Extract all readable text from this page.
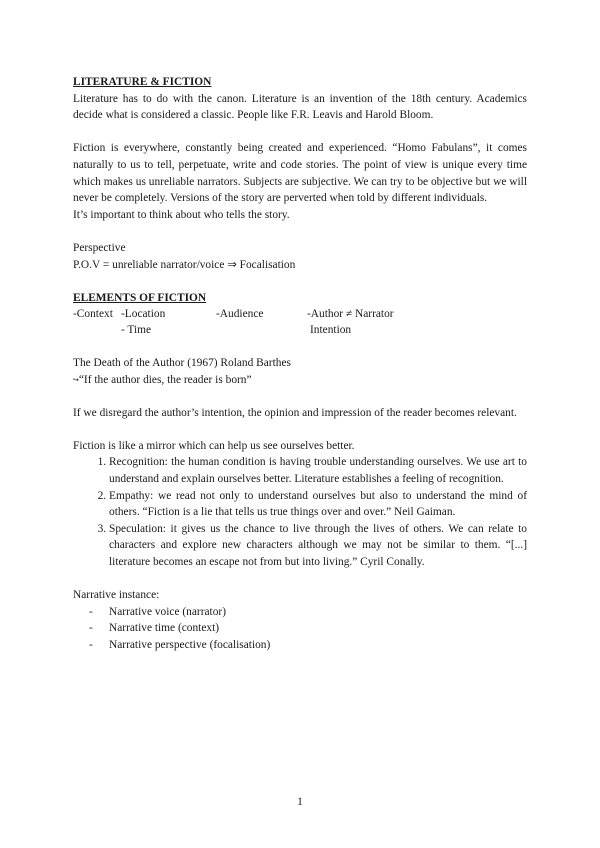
LITERATURE & FICTION

Literature has to do with the canon. Literature is an invention of the 18th century. Academics decide what is considered a classic. People like F.R. Leavis and Harold Bloom.

Fiction is everywhere, constantly being created and experienced. “Homo Fabulans”, it comes naturally to us to tell, perpetuate, write and code stories. The point of view is unique every time which makes us unreliable narrators. Subjects are subjective. We can try to be objective but we will never be completely. Versions of the story are perverted when told by different individuals.

It’s important to think about who tells the story.

Perspective

P.O.V = unreliable narrator/voice ⇒ Focalisation

ELEMENTS OF FICTION

-Context	-Location	-Audience	-Author ≠ Narrator
	- Time		Intention

The Death of the Author (1967) Roland Barthes

↪“If the author dies, the reader is born”

If we disregard the author’s intention, the opinion and impression of the reader becomes relevant.

Fiction is like a mirror which can help us see ourselves better.

1. Recognition: the human condition is having trouble understanding ourselves. We use art to understand and explain ourselves better. Literature establishes a feeling of recognition.
2. Empathy: we read not only to understand ourselves but also to understand the mind of others. “Fiction is a lie that tells us true things over and over.” Neil Gaiman.
3. Speculation: it gives us the chance to live through the lives of others. We can relate to characters and explore new characters although we may not be similar to them. “[...] literature becomes an escape not from but into living.” Cyril Conally.

Narrative instance:

- Narrative voice (narrator)
- Narrative time (context)
- Narrative perspective (focalisation)
1
